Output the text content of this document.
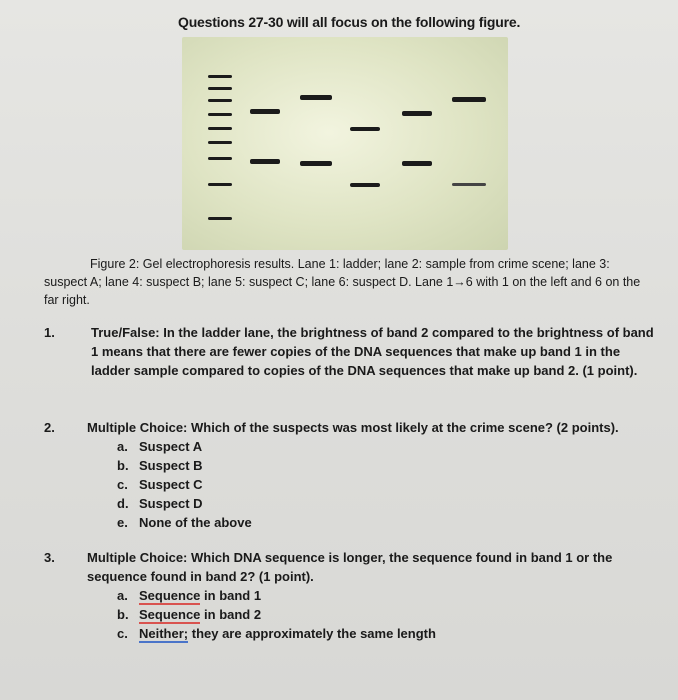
Questions 27-30 will all focus on the following figure.
Figure 2: Gel electrophoresis results. Lane 1: ladder; lane 2: sample from crime scene; lane 3: suspect A; lane 4: suspect B; lane 5: suspect C; lane 6: suspect D. Lane 1→6 with 1 on the left and 6 on the far right.
1.	True/False: In the ladder lane, the brightness of band 2 compared to the brightness of band 1 means that there are fewer copies of the DNA sequences that make up band 1 in the ladder sample compared to copies of the DNA sequences that make up band 2. (1 point).
2. Multiple Choice: Which of the suspects was most likely at the crime scene? (2 points).
a. Suspect A
b. Suspect B
c. Suspect C
d. Suspect D
e. None of the above
3. Multiple Choice: Which DNA sequence is longer, the sequence found in band 1 or the sequence found in band 2? (1 point).
a. Sequence in band 1
b. Sequence in band 2
c. Neither; they are approximately the same length
